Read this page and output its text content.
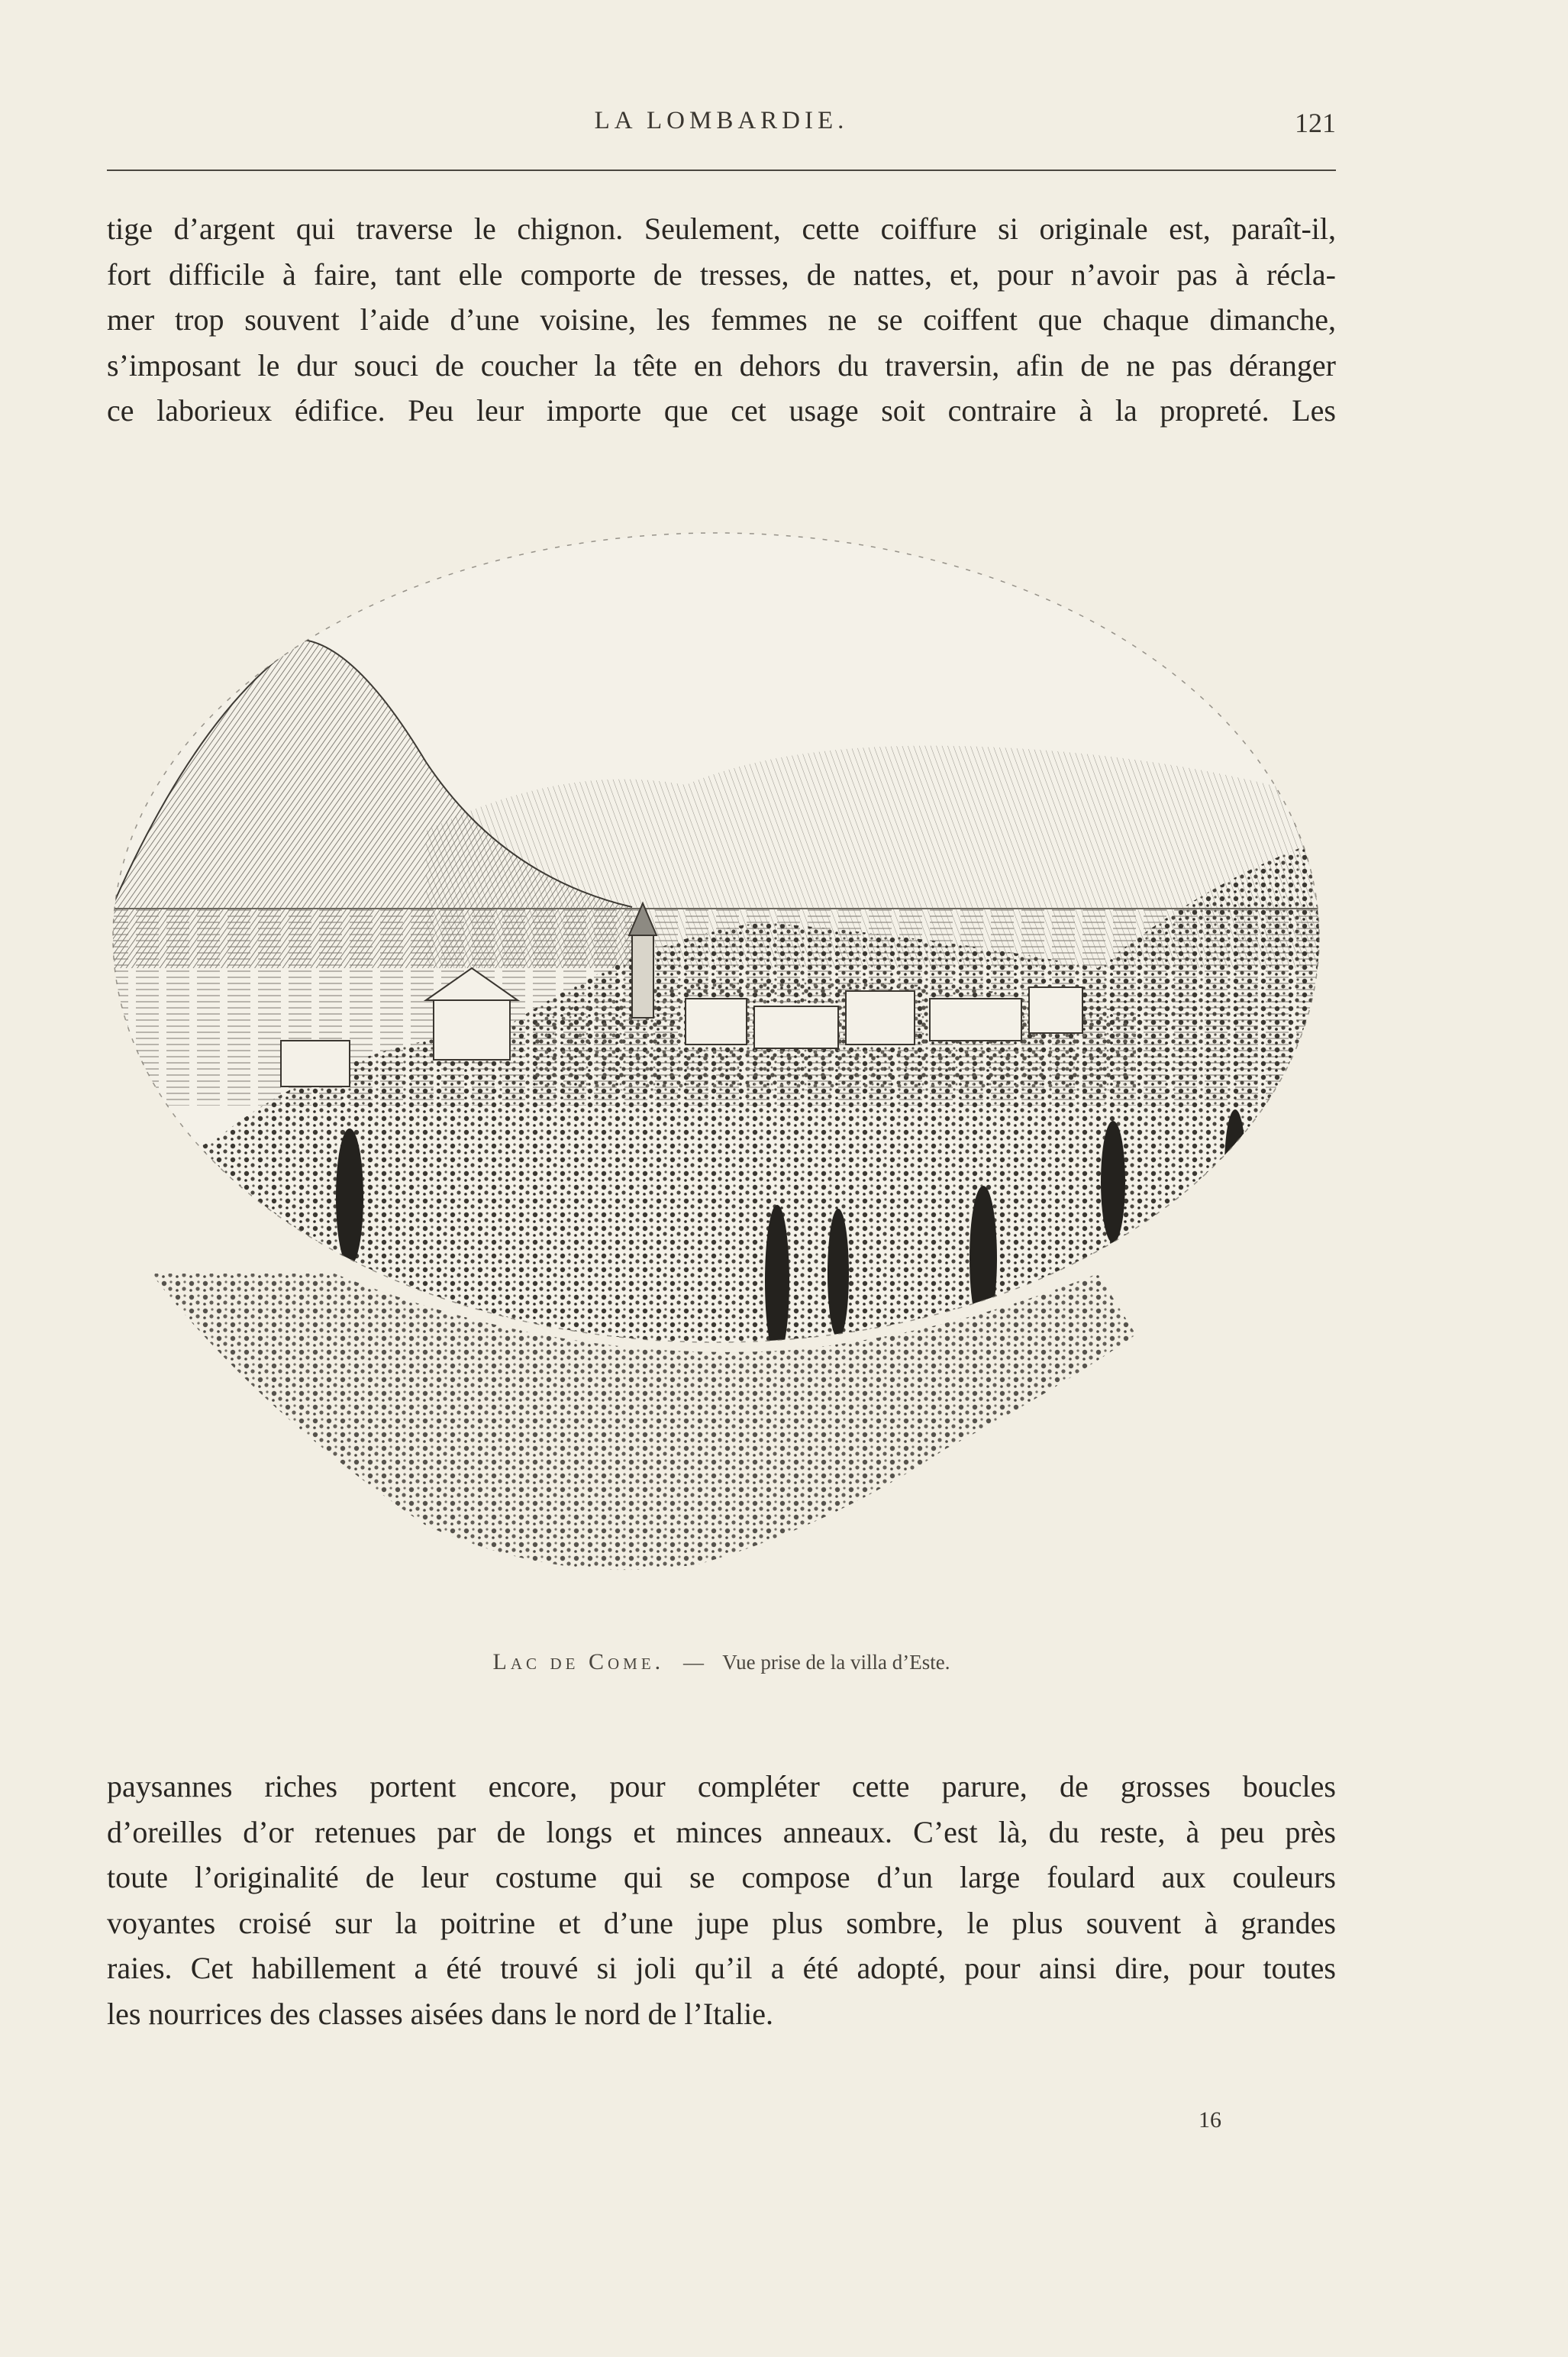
LA LOMBARDIE.	121
tige d’argent qui traverse le chignon. Seulement, cette coiffure si originale est, paraît-il,
fort difficile à faire, tant elle comporte de tresses, de nattes, et, pour n’avoir pas à récla-
mer trop souvent l’aide d’une voisine, les femmes ne se coiffent que chaque dimanche,
s’imposant le dur souci de coucher la tête en dehors du traversin, afin de ne pas déranger
ce laborieux édifice. Peu leur importe que cet usage soit contraire à la propreté. Les
Lac de Come. — Vue prise de la villa d’Este.
paysannes riches portent encore, pour compléter cette parure, de grosses boucles
d’oreilles d’or retenues par de longs et minces anneaux. C’est là, du reste, à peu près
toute l’originalité de leur costume qui se compose d’un large foulard aux couleurs
voyantes croisé sur la poitrine et d’une jupe plus sombre, le plus souvent à grandes
raies. Cet habillement a été trouvé si joli qu’il a été adopté, pour ainsi dire, pour toutes
les nourrices des classes aisées dans le nord de l’Italie.
16
